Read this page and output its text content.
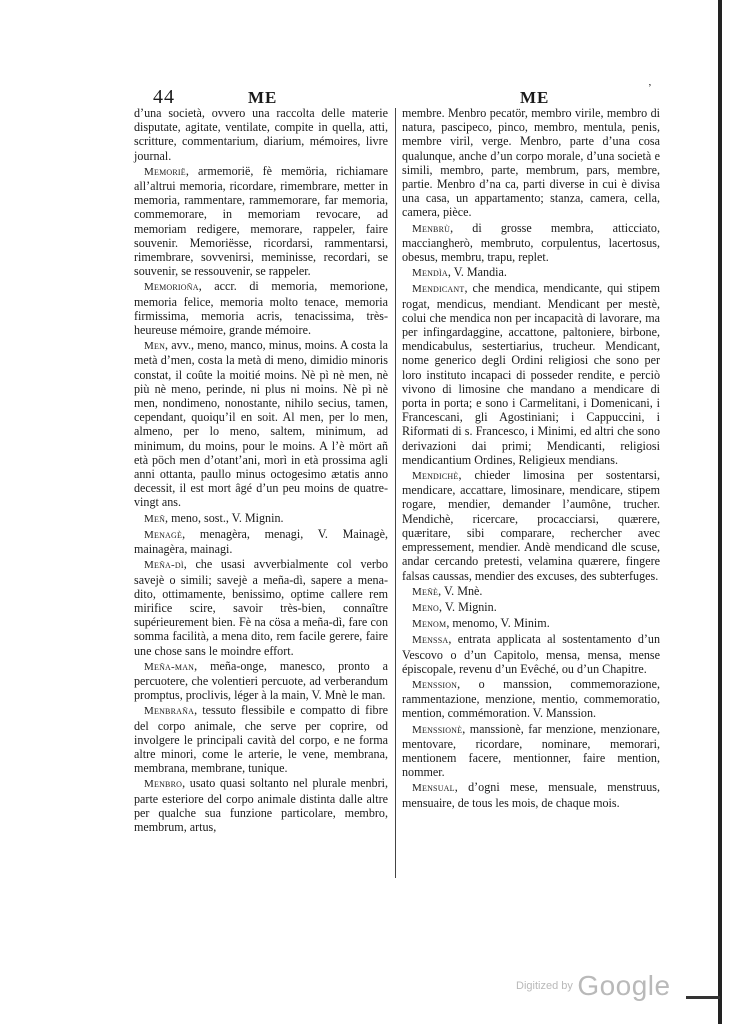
44	ME	ME	ʼ

d’una società, ovvero una raccolta delle materie disputate, agitate, ventilate, compite in quella, atti, scritture, commentarium, diarium, mémoires, livre journal.

Memorië, armemorië, fè memöria, richiamare all’altrui memoria, ricordare, rimembrare, metter in memoria, rammentare, rammemorare, far memoria, commemorare, in memoriam revocare, ad memoriam redigere, memorare, rappeler, faire souvenir. Memoriësse, ricordarsi, rammentarsi, rimembrare, sovvenirsi, meminisse, recordari, se souvenir, se ressouvenir, se rappeler.

Memorioña, accr. di memoria, memorione, memoria felice, memoria molto tenace, memoria firmissima, memoria acris, tenacissima, très-heureuse mémoire, grande mémoire.

Men, avv., meno, manco, minus, moins. A costa la metà d’men, costa la metà di meno, dimidio minoris constat, il coûte la moitié moins. Nè pì nè men, nè più nè meno, perinde, ni plus ni moins. Nè pì nè men, nondimeno, nonostante, nihilo secius, tamen, cependant, quoiqu’il en soit. Al men, per lo men, almeno, per lo meno, saltem, minimum, ad minimum, du moins, pour le moins. A l’è mört añ età pöch men d’otant’ani, morì in età prossima agli anni ottanta, paullo minus octogesimo ætatis anno decessit, il est mort âgé d’un peu moins de quatre-vingt ans.

Meñ, meno, sost., V. Mignin.

Menagè, menagèra, menagi, V. Mainagè, mainagèra, mainagi.

Meña-dì, che usasi avverbialmente col verbo savejè o simili; savejè a meña-dì, sapere a mena-dito, ottimamente, benissimo, optime callere rem mirifice scire, savoir très-bien, connaître supérieurement bien. Fè na cösa a meña-dì, fare con somma facilità, a mena dito, rem facile gerere, faire une chose sans le moindre effort.

Meña-man, meña-onge, manesco, pronto a percuotere, che volentieri percuote, ad verberandum promptus, proclivis, léger à la main, V. Mnè le man.

Menbraña, tessuto flessibile e compatto di fibre del corpo animale, che serve per coprire, od involgere le principali cavità del corpo, e ne forma altre minori, come le arterie, le vene, membrana, membrana, membrane, tunique.

Menbro, usato quasi soltanto nel plurale menbri, parte esteriore del corpo animale distinta dalle altre per qualche sua funzione particolare, membro, membrum, artus,

membre. Menbro pecatör, membro virile, membro di natura, pascipeco, pinco, membro, mentula, penis, membre viril, verge. Menbro, parte d’una cosa qualunque, anche d’un corpo morale, d’una società e simili, membro, parte, membrum, pars, membre, partie. Menbro d’na ca, parti diverse in cui è divisa una casa, un appartamento; stanza, camera, cella, camera, pièce.

Menbrù, di grosse membra, atticciato, macciangherò, membruto, corpulentus, lacertosus, obesus, membru, trapu, replet.

Mendìa, V. Mandia.

Mendicant, che mendica, mendicante, qui stipem rogat, mendicus, mendiant. Mendicant per mestè, colui che mendica non per incapacità di lavorare, ma per infingardaggine, accattone, paltoniere, birbone, mendicabulus, sestertiarius, trucheur. Mendicant, nome generico degli Ordini religiosi che sono per loro instituto incapaci di posseder rendite, e perciò vivono di limosine che mandano a mendicare di porta in porta; e sono i Carmelitani, i Domenicani, i Francescani, gli Agostiniani; i Cappuccini, i Riformati di s. Francesco, i Minimi, ed altri che sono derivazioni dai primi; Mendicanti, religiosi mendicantium Ordines, Religieux mendians.

Mendichè, chieder limosina per sostentarsi, mendicare, accattare, limosinare, mendicare, stipem rogare, mendier, demander l’aumône, trucher. Mendichè, ricercare, procacciarsi, quærere, quæritare, sibi comparare, rechercher avec empressement, mendier. Andè mendicand dle scuse, andar cercando pretesti, velamina quærere, fingere falsas caussas, mendier des excuses, des subterfuges.

Meñè, V. Mnè.

Meno, V. Mignin.

Menom, menomo, V. Minim.

Menssa, entrata applicata al sostentamento d’un Vescovo o d’un Capitolo, mensa, mensa, mense épiscopale, revenu d’un Evêché, ou d’un Chapitre.

Menssion, o manssion, commemorazione, rammentazione, menzione, mentio, commemoratio, mention, commémoration. V. Manssion.

Menssionè, manssionè, far menzione, menzionare, mentovare, ricordare, nominare, memorari, mentionem facere, mentionner, faire mention, nommer.

Mensual, d’ogni mese, mensuale, menstruus, mensuaire, de tous les mois, de chaque mois.

Digitized by Google
